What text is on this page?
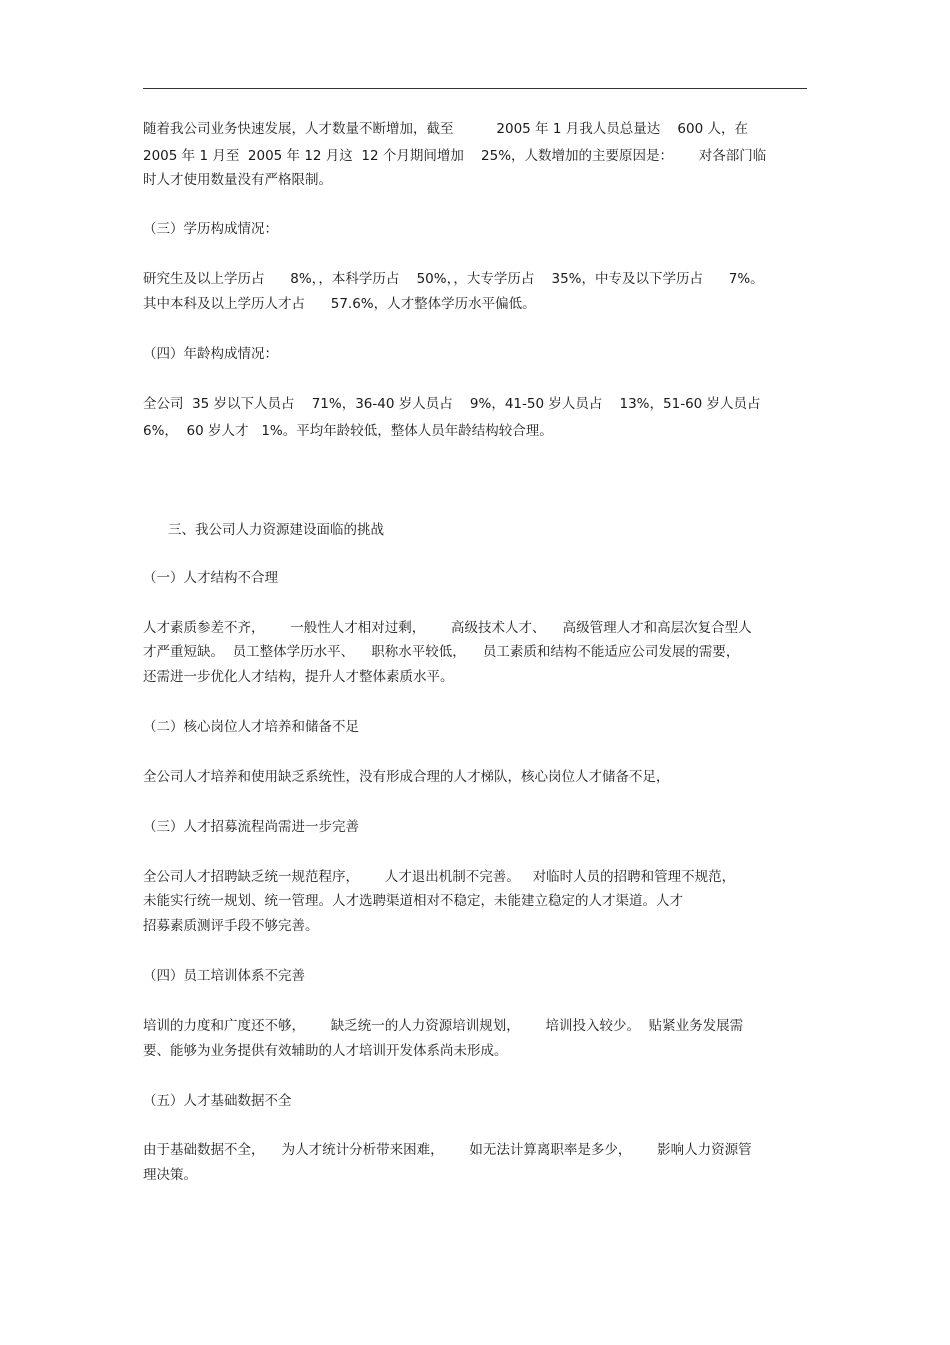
随着我公司业务快速发展，人才数量不断增加，截至          2005 年 1 月我人员总量达    600 人，在
2005 年 1 月至  2005 年 12 月这  12 个月期间增加    25%，人数增加的主要原因是：      对各部门临
时人才使用数量没有严格限制。
（三）学历构成情况：
研究生及以上学历占      8%，，本科学历占    50%，，大专学历占    35%，中专及以下学历占      7%。
其中本科及以上学历人才占      57.6%，人才整体学历水平偏低。
（四）年龄构成情况：
全公司  35 岁以下人员占    71%，36-40 岁人员占    9%，41-50 岁人员占    13%，51-60 岁人员占
6%，  60 岁人才   1%。平均年龄较低，整体人员年龄结构较合理。
三、我公司人力资源建设面临的挑战
（一）人才结构不合理
人才素质参差不齐，      一般性人才相对过剩，      高级技术人才、    高级管理人才和高层次复合型人
才严重短缺。  员工整体学历水平、    职称水平较低，    员工素质和结构不能适应公司发展的需要，
还需进一步优化人才结构，提升人才整体素质水平。
（二）核心岗位人才培养和储备不足
全公司人才培养和使用缺乏系统性，没有形成合理的人才梯队，核心岗位人才储备不足，
（三）人才招募流程尚需进一步完善
全公司人才招聘缺乏统一规范程序，      人才退出机制不完善。   对临时人员的招聘和管理不规范，
未能实行统一规划、统一管理。人才选聘渠道相对不稳定，未能建立稳定的人才渠道。人才
招募素质测评手段不够完善。
（四）员工培训体系不完善
培训的力度和广度还不够，      缺乏统一的人力资源培训规划，      培训投入较少。  贴紧业务发展需
要、能够为业务提供有效辅助的人才培训开发体系尚未形成。
（五）人才基础数据不全
由于基础数据不全，    为人才统计分析带来困难，      如无法计算离职率是多少，      影响人力资源管
理决策。
